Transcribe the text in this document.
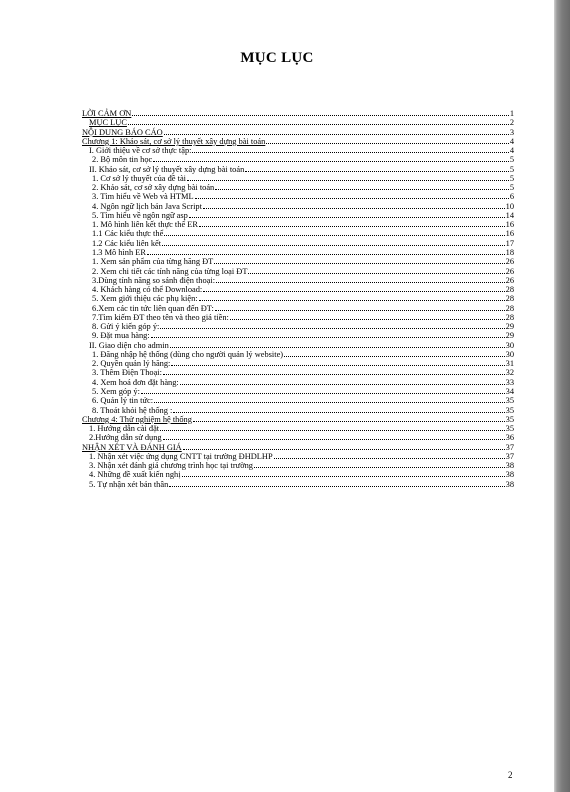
MỤC LỤC
LỜI CẢM ƠN	1
MỤC LỤC	2
NỘI DUNG BÁO CÁO	3
Chương 1: Khảo sát, cơ sở lý thuyết xây dựng bài toán	4
I. Giới thiệu về cơ sở thực tập:	4
2. Bộ môn tin học	5
II. Khảo sát, cơ sở lý thuyết xây dựng bài toán	5
1. Cơ sở lý thuyết của đề tài	5
2. Khảo sát, cơ sở xây dựng bài toán	5
3. Tìm hiểu về Web và HTML	6
4. Ngôn ngữ lịch bản Java Script	10
5. Tìm hiểu về ngôn ngữ asp	14
1. Mô hình liên kết thực thể ER	16
1.1 Các kiểu thực thể	16
1.2 Các kiểu liên kết	17
1.3 Mô hình ER	18
1. Xem sản phẩm của từng hãng ĐT	26
2. Xem chi tiết các tính năng của từng loại ĐT	26
3.Dùng tính năng so sánh điện thoại:	26
4. Khách hàng có thể Download:	28
5. Xem giới thiệu các phụ kiện:	28
6.Xem các tin tức liên quan đến ĐT:	28
7.Tìm kiếm ĐT theo tên và theo giá tiền:	28
8. Gửi ý kiến góp ý:	29
9. Đặt mua hàng:	29
II. Giao diện cho admin	30
1. Đăng nhập hệ thống (dùng cho người quản lý website)	30
2. Quyền quản lý hãng:	31
3. Thêm Điện Thoại:	32
4. Xem hoá đơn đặt hàng:	33
5. Xem góp ý:	34
6. Quản lý tin tức:	35
8. Thoát khỏi hệ thống :	35
Chương 4: Thử nghiệm hệ thống	35
1. Hướng dẫn cài đặt	35
2.Hướng dẫn sử dụng	36
NHẬN XÉT VÀ ĐÁNH GIÁ	37
1. Nhận xét việc ứng dụng CNTT tại trường ĐHDLHP	37
3. Nhận xét đánh giá chương trình học tại trường	38
4. Những đề xuất kiến nghị	38
5. Tự nhận xét bản thân	38
2
